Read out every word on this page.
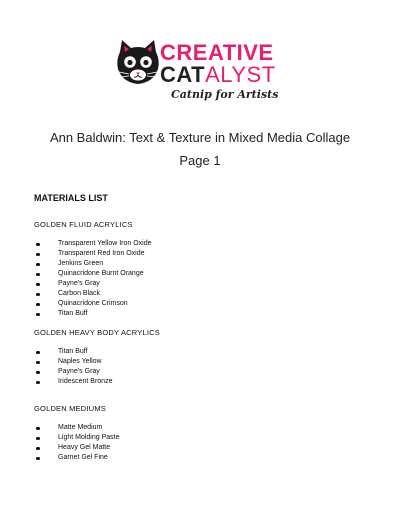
CREATIVE
CATALYST
Catnip for Artists
Ann Baldwin: Text & Texture in Mixed Media Collage
Page 1
MATERIALS LIST
GOLDEN FLUID ACRYLICS
Transparent Yellow Iron Oxide
Transparent Red Iron Oxide
Jenkins Green
Quinacridone Burnt Orange
Payne's Gray
Carbon Black
Quinacridone Crimson
Titan Buff
GOLDEN HEAVY BODY ACRYLICS
Titan Buff
Naples Yellow
Payne's Gray
Iridescent Bronze
GOLDEN MEDIUMS
Matte Medium
Light Molding Paste
Heavy Gel Matte
Garnet Gel Fine
